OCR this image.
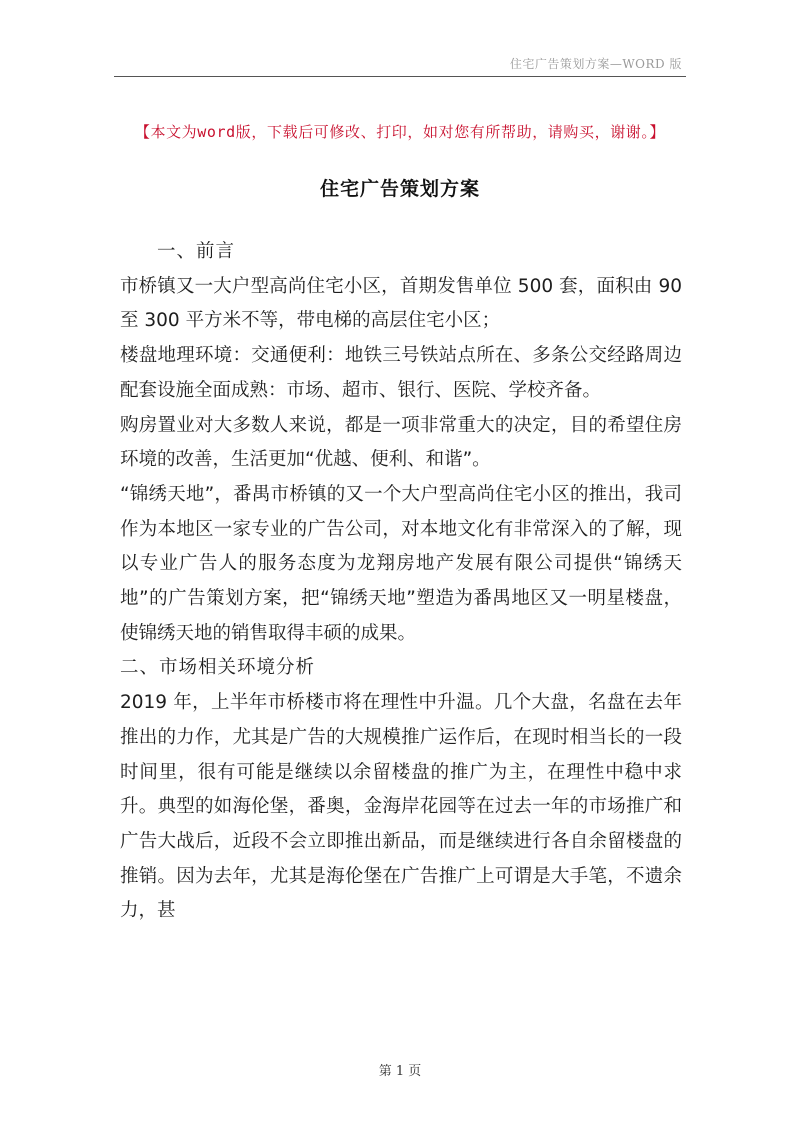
住宅广告策划方案—WORD 版
【本文为word版，下载后可修改、打印，如对您有所帮助，请购买，谢谢。】
住宅广告策划方案

一、前言

市桥镇又一大户型高尚住宅小区，首期发售单位 500 套，面积由 90 至 300 平方米不等，带电梯的高层住宅小区；

楼盘地理环境：交通便利：地铁三号铁站点所在、多条公交经路周边配套设施全面成熟：市场、超市、银行、医院、学校齐备。

购房置业对大多数人来说，都是一项非常重大的决定，目的希望住房环境的改善，生活更加“优越、便利、和谐”。

“锦绣天地”，番禺市桥镇的又一个大户型高尚住宅小区的推出，我司作为本地区一家专业的广告公司，对本地文化有非常深入的了解，现以专业广告人的服务态度为龙翔房地产发展有限公司提供“锦绣天地”的广告策划方案，把“锦绣天地”塑造为番禺地区又一明星楼盘，使锦绣天地的销售取得丰硕的成果。

二、市场相关环境分析

2019 年，上半年市桥楼市将在理性中升温。几个大盘，名盘在去年推出的力作，尤其是广告的大规模推广运作后，在现时相当长的一段时间里，很有可能是继续以余留楼盘的推广为主，在理性中稳中求升。典型的如海伦堡，番奥，金海岸花园等在过去一年的市场推广和广告大战后，近段不会立即推出新品，而是继续进行各自余留楼盘的推销。因为去年，尤其是海伦堡在广告推广上可谓是大手笔，不遗余力，甚

第 1 页
